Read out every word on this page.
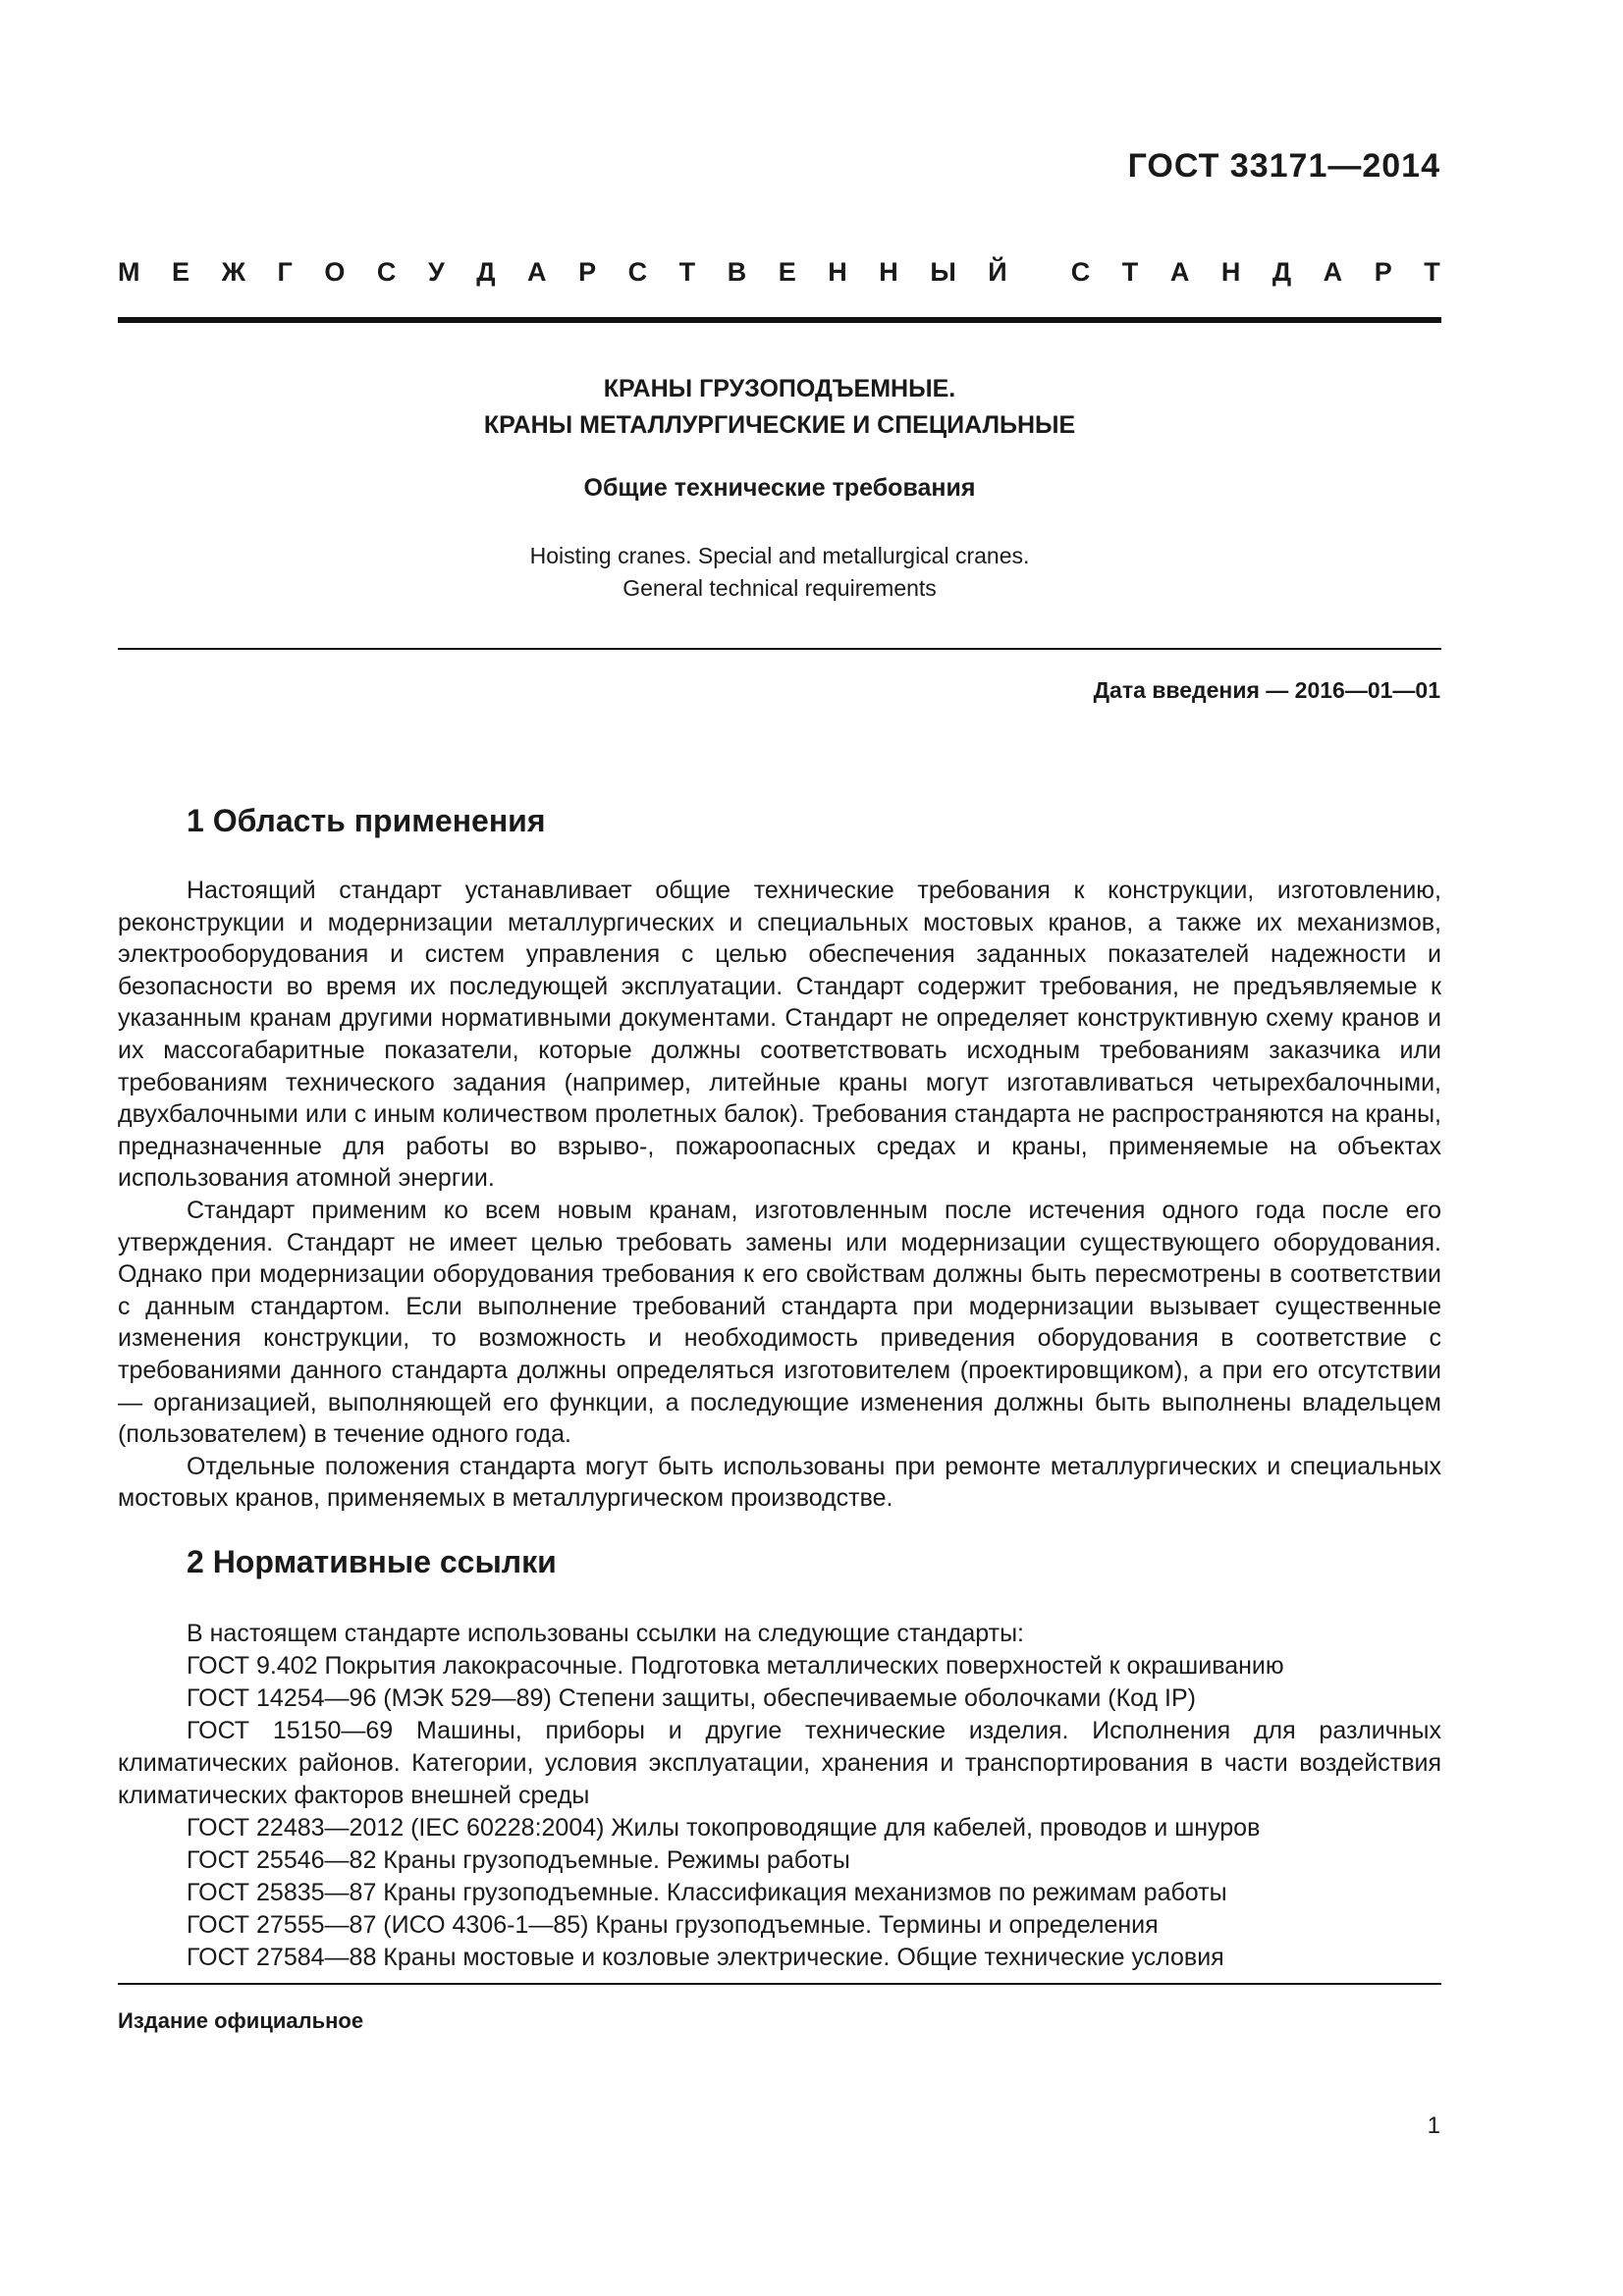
ГОСТ 33171—2014
М Е Ж Г О С У Д А Р С Т В Е Н Н Ы Й С Т А Н Д А Р Т
КРАНЫ ГРУЗОПОДЪЕМНЫЕ.
КРАНЫ МЕТАЛЛУРГИЧЕСКИЕ И СПЕЦИАЛЬНЫЕ
Общие технические требования
Hoisting cranes. Special and metallurgical cranes.
General technical requirements
Дата введения — 2016—01—01
1 Область применения

Настоящий стандарт устанавливает общие технические требования к конструкции, изготовлению, реконструкции и модернизации металлургических и специальных мостовых кранов, а также их механизмов, электрооборудования и систем управления с целью обеспечения заданных показателей надежности и безопасности во время их последующей эксплуатации. Стандарт содержит требования, не предъявляемые к указанным кранам другими нормативными документами. Стандарт не определяет конструктивную схему кранов и их массогабаритные показатели, которые должны соответствовать исходным требованиям заказчика или требованиям технического задания (например, литейные краны могут изготавливаться четырехбалочными, двухбалочными или с иным количеством пролетных балок). Требования стандарта не распространяются на краны, предназначенные для работы во взрыво-, пожароопасных средах и краны, применяемые на объектах использования атомной энергии.

Стандарт применим ко всем новым кранам, изготовленным после истечения одного года после его утверждения. Стандарт не имеет целью требовать замены или модернизации существующего оборудования. Однако при модернизации оборудования требования к его свойствам должны быть пересмотрены в соответствии с данным стандартом. Если выполнение требований стандарта при модернизации вызывает существенные изменения конструкции, то возможность и необходимость приведения оборудования в соответствие с требованиями данного стандарта должны определяться изготовителем (проектировщиком), а при его отсутствии — организацией, выполняющей его функции, а последующие изменения должны быть выполнены владельцем (пользователем) в течение одного года.

Отдельные положения стандарта могут быть использованы при ремонте металлургических и специальных мостовых кранов, применяемых в металлургическом производстве.

2 Нормативные ссылки

В настоящем стандарте использованы ссылки на следующие стандарты:

ГОСТ 9.402 Покрытия лакокрасочные. Подготовка металлических поверхностей к окрашиванию

ГОСТ 14254—96 (МЭК 529—89) Степени защиты, обеспечиваемые оболочками (Код IP)

ГОСТ 15150—69 Машины, приборы и другие технические изделия. Исполнения для различных климатических районов. Категории, условия эксплуатации, хранения и транспортирования в части воздействия климатических факторов внешней среды

ГОСТ 22483—2012 (IEC 60228:2004) Жилы токопроводящие для кабелей, проводов и шнуров

ГОСТ 25546—82 Краны грузоподъемные. Режимы работы

ГОСТ 25835—87 Краны грузоподъемные. Классификация механизмов по режимам работы

ГОСТ 27555—87 (ИСО 4306-1—85) Краны грузоподъемные. Термины и определения

ГОСТ 27584—88 Краны мостовые и козловые электрические. Общие технические условия

Издание официальное
1
